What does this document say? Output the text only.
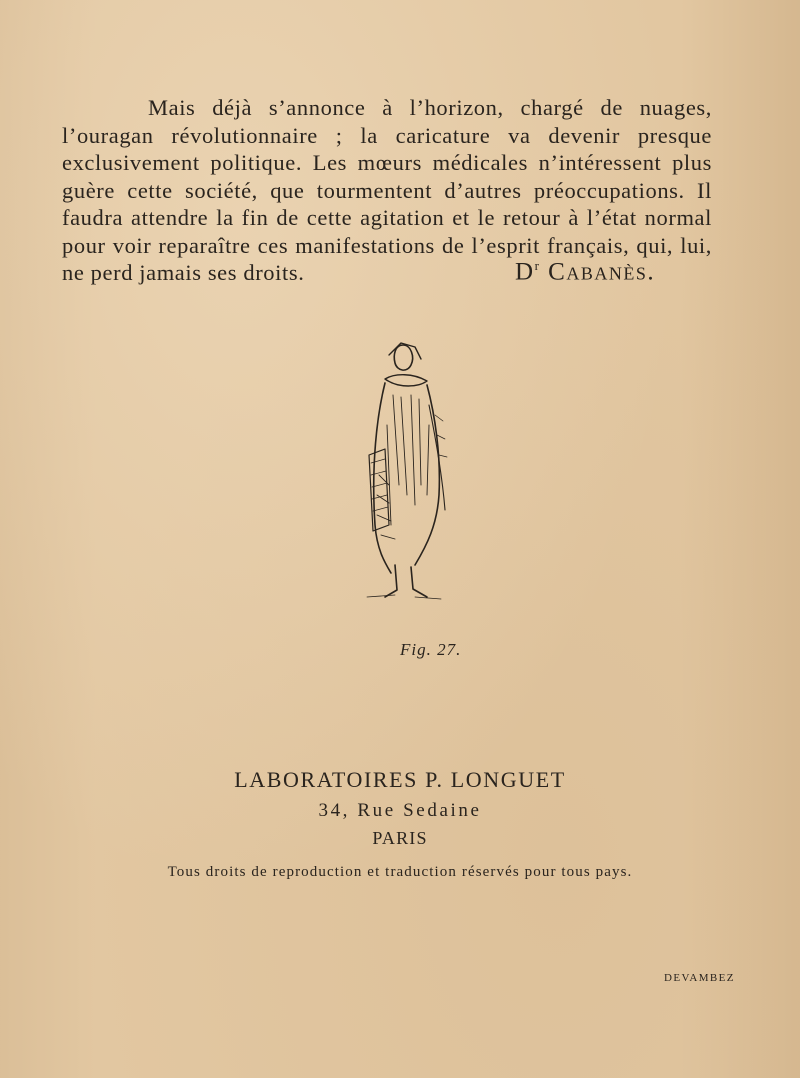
Mais déjà s’annonce à l’horizon, chargé de nuages, l’ouragan révolutionnaire ; la caricature va devenir presque exclusivement politique. Les mœurs médicales n’intéressent plus guère cette société, que tourmentent d’autres préoccupations. Il faudra attendre la fin de cette agitation et le retour à l’état normal pour voir reparaître ces manifestations de l’esprit français, qui, lui, ne perd jamais ses droits.	$D^r$ Cabanès.

Fig. 27.

LABORATOIRES P. LONGUET
34, Rue Sedaine
PARIS
Tous droits de reproduction et traduction réservés pour tous pays.
DEVAMBEZ
